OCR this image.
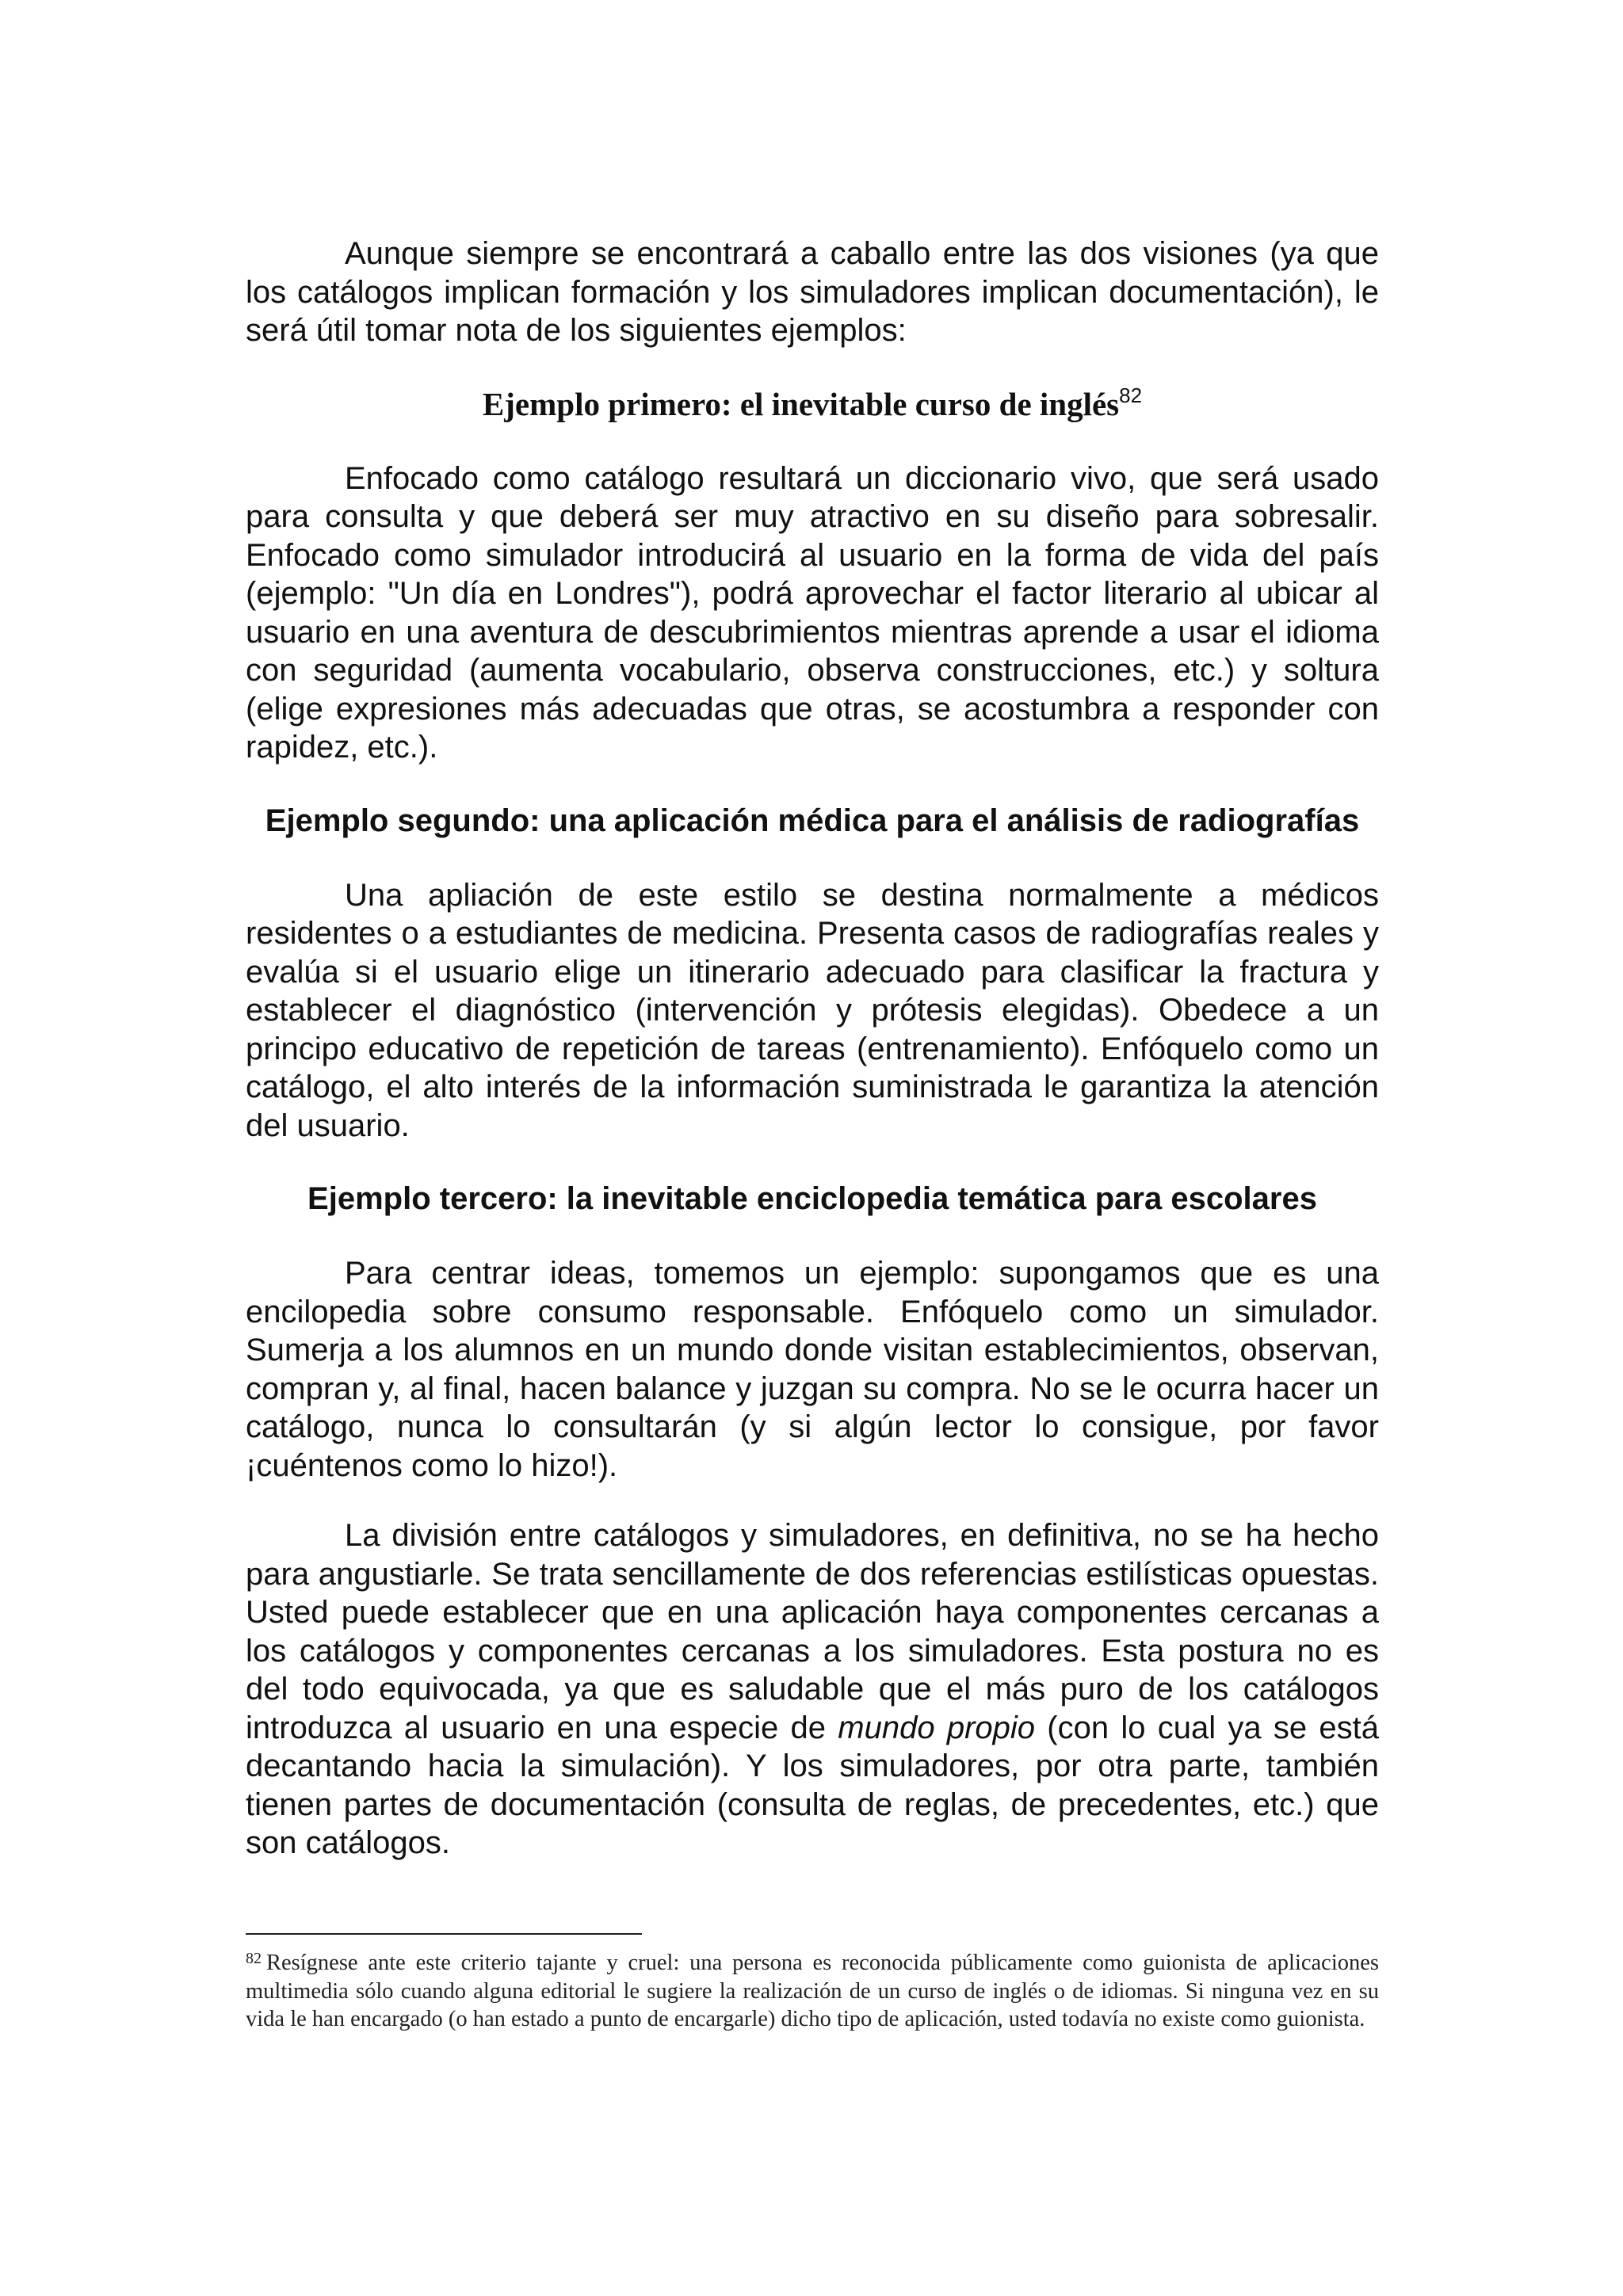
Aunque siempre se encontrará a caballo entre las dos visiones (ya que los catálogos implican formación y los simuladores implican documentación), le será útil tomar nota de los siguientes ejemplos:

Ejemplo primero: el inevitable curso de inglés$^{82}$

Enfocado como catálogo resultará un diccionario vivo, que será usado para consulta y que deberá ser muy atractivo en su diseño para sobresalir. Enfocado como simulador introducirá al usuario en la forma de vida del país (ejemplo: "Un día en Londres"), podrá aprovechar el factor literario al ubicar al usuario en una aventura de descubrimientos mientras aprende a usar el idioma con seguridad (aumenta vocabulario, observa construcciones, etc.) y soltura (elige expresiones más adecuadas que otras, se acostumbra a responder con rapidez, etc.).

Ejemplo segundo: una aplicación médica para el análisis de radiografías

Una apliación de este estilo se destina normalmente a médicos residentes o a estudiantes de medicina. Presenta casos de radiografías reales y evalúa si el usuario elige un itinerario adecuado para clasificar la fractura y establecer el diagnóstico (intervención y prótesis elegidas). Obedece a un principo educativo de repetición de tareas (entrenamiento). Enfóquelo como un catálogo, el alto interés de la información suministrada le garantiza la atención del usuario.

Ejemplo tercero: la inevitable enciclopedia temática para escolares

Para centrar ideas, tomemos un ejemplo: supongamos que es una encilopedia sobre consumo responsable. Enfóquelo como un simulador. Sumerja a los alumnos en un mundo donde visitan establecimientos, observan, compran y, al final, hacen balance y juzgan su compra. No se le ocurra hacer un catálogo, nunca lo consultarán (y si algún lector lo consigue, por favor ¡cuéntenos como lo hizo!).

La división entre catálogos y simuladores, en definitiva, no se ha hecho para angustiarle. Se trata sencillamente de dos referencias estilísticas opuestas. Usted puede establecer que en una aplicación haya componentes cercanas a los catálogos y componentes cercanas a los simuladores. Esta postura no es del todo equivocada, ya que es saludable que el más puro de los catálogos introduzca al usuario en una especie de mundo propio (con lo cual ya se está decantando hacia la simulación). Y los simuladores, por otra parte, también tienen partes de documentación (consulta de reglas, de precedentes, etc.) que son catálogos.

$^{82}$ Resígnese ante este criterio tajante y cruel: una persona es reconocida públicamente como guionista de aplicaciones multimedia sólo cuando alguna editorial le sugiere la realización de un curso de inglés o de idiomas. Si ninguna vez en su vida le han encargado (o han estado a punto de encargarle) dicho tipo de aplicación, usted todavía no existe como guionista.
